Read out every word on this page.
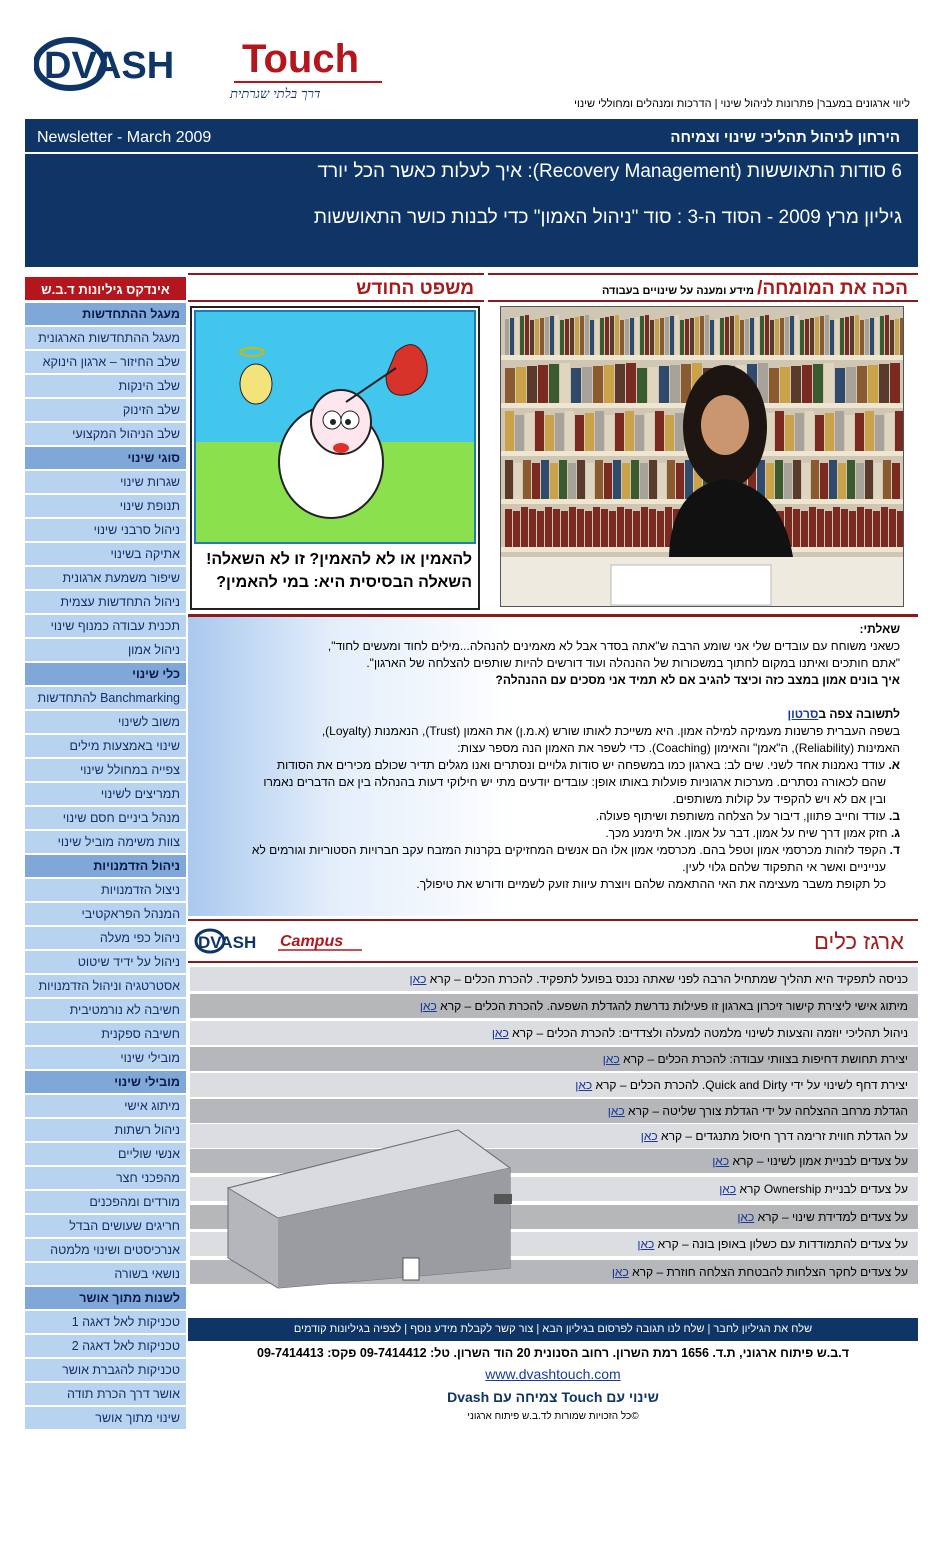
DVASH Touch
דרך בלתי שגרתית
ליווי ארגונים במעבר| פתרונות לניהול שינוי | הדרכות ומנהלים ומחוללי שינוי
Newsletter - March 2009	הירחון לניהול תהליכי שינוי וצמיחה
6 סודות התאוששות (Recovery Management): איך לעלות כאשר הכל יורד
גיליון מרץ 2009 - הסוד ה-3 : סוד "ניהול האמון" כדי לבנות כושר התאוששות
אינדקס גיליונות ד.ב.ש
מעגל ההתחדשות
מעגל ההתחדשות הארגונית
שלב החיזור – ארגון הינוקא
שלב הינקות
שלב הזינוק
שלב הניהול המקצועי
סוגי שינוי
שגרות שינוי
תנופת שינוי
ניהול סרבני שינוי
אתיקה בשינוי
שיפור משמעת ארגונית
ניהול התחדשות עצמית
תכנית עבודה כמנוף שינוי
ניהול אמון
כלי שינוי
Banchmarking להתחדשות
משוב לשינוי
שינוי באמצעות מילים
צפייה במחולל שינוי
תמריצים לשינוי
מנהל ביניים חסם שינוי
צוות משימה מוביל שינוי
ניהול הזדמנויות
ניצול הזדמנויות
המנהל הפראקטיבי
ניהול כפי מעלה
ניהול על ידיד שיטוט
אסטרטגיה וניהול הזדמנויות
חשיבה לא נורמטיבית
חשיבה ספקנית
מובילי שינוי
מובילי שינוי
מיתוג אישי
ניהול רשתות
אנשי שוליים
מהפכני חצר
מורדים ומהפכנים
חריגים שעושים הבדל
אנרכיסטים ושינוי מלמטה
נושאי בשורה
לשנות מתוך אושר
טכניקות לאל דאגה 1
טכניקות לאל דאגה 2
טכניקות להגברת אושר
אושר דרך הכרת תודה
שינוי מתוך אושר
הכה את המומחה/ מידע ומענה על שינויים בעבודה
משפט החודש
להאמין או לא להאמין? זו לא השאלה!
השאלה הבסיסית היא: במי להאמין?

שאלתי:

כשאני משוחח עם עובדים שלי אני שומע הרבה ש"אתה בסדר אבל לא מאמינים להנהלה...מילים לחוד ומעשים לחוד",

"אתם חותכים ואיתנו במקום לחתוך במשכורות של ההנהלה ועוד דורשים להיות שותפים להצלחה של הארגון".

איך בונים אמון במצב כזה וכיצד להגיב אם לא תמיד אני מסכים עם ההנהלה?

לתשובה צפה בסרטון

בשפה העברית פרשנות מעמיקה למילה אמון. היא משייכת לאותו שורש (א.מ.ן) את האמון (Trust), הנאמנות (Loyalty),

האמינות (Reliability), ה"אמן" והאימון (Coaching). כדי לשפר את האמון הנה מספר עצות:

א. עודד נאמנות אחד לשני. שים לב: בארגון כמו במשפחה יש סודות גלויים ונסתרים ואנו מגלים תדיר שכולם מכירים את הסודות

שהם לכאורה נסתרים. מערכות ארגוניות פועלות באותו אופן: עובדים יודעים מתי יש חילוקי דעות בהנהלה בין אם הדברים נאמרו

ובין אם לא ויש להקפיד על קולות משותפים.

ב. עודד וחייב פתוון, דיבור על הצלחה משותפת ושיתוף פעולה.

ג. חזק אמון דרך שיח על אמון. דבר על אמון. אל תימנע מכך.

ד. הקפד לזהות מכרסמי אמון וטפל בהם. מכרסמי אמון אלו הם אנשים המחזיקים בקרנות המזבח עקב חברויות הסטוריות וגורמים לא

ענייניים ואשר אי התפקוד שלהם גלוי לעין.

כל תקופת משבר מעצימה את האי ההתאמה שלהם ויוצרת עיוות זועק לשמיים ודורש את טיפולך.

DVASH Campus	ארגז כלים
כניסה לתפקיד היא תהליך שמתחיל הרבה לפני שאתה נכנס בפועל לתפקיד. להכרת הכלים – קרא כאן
מיתוג אישי ליצירת קישור זיכרון בארגון זו פעילות נדרשת להגדלת השפעה. להכרת הכלים – קרא כאן
ניהול תהליכי יוזמה והצעות לשינוי מלמטה למעלה ולצדדים: להכרת הכלים – קרא כאן
יצירת תחושת דחיפות בצוותי עבודה: להכרת הכלים – קרא כאן
יצירת דחף לשינוי על ידי Quick and Dirty. להכרת הכלים – קרא כאן
הגדלת מרחב ההצלחה על ידי הגדלת צורך שליטה – קרא כאן
על הגדלת חווית זרימה דרך חיסול מתנגדים – קרא כאן
על צעדים לבניית אמון לשינוי – קרא כאן
על צעדים לבניית Ownership קרא כאן
על צעדים למדידת שינוי – קרא כאן
על צעדים להתמודדות עם כשלון באופן בונה – קרא כאן
על צעדים לחקר הצלחות להבטחת הצלחה חוזרת – קרא כאן
שלח את הגיליון לחבר | שלח לנו תגובה לפרסום בגיליון הבא | צור קשר לקבלת מידע נוסף | לצפיה בגיליונות קודמים
ד.ב.ש פיתוח ארגוני, ת.ד. 1656 רמת השרון. רחוב הסנונית 20 הוד השרון. טל: 09-7414412 פקס: 09-7414413
www.dvashtouch.com
שינוי עם Touch צמיחה עם Dvash
©כל הזכויות שמורות לד.ב.ש פיתוח ארגוני
